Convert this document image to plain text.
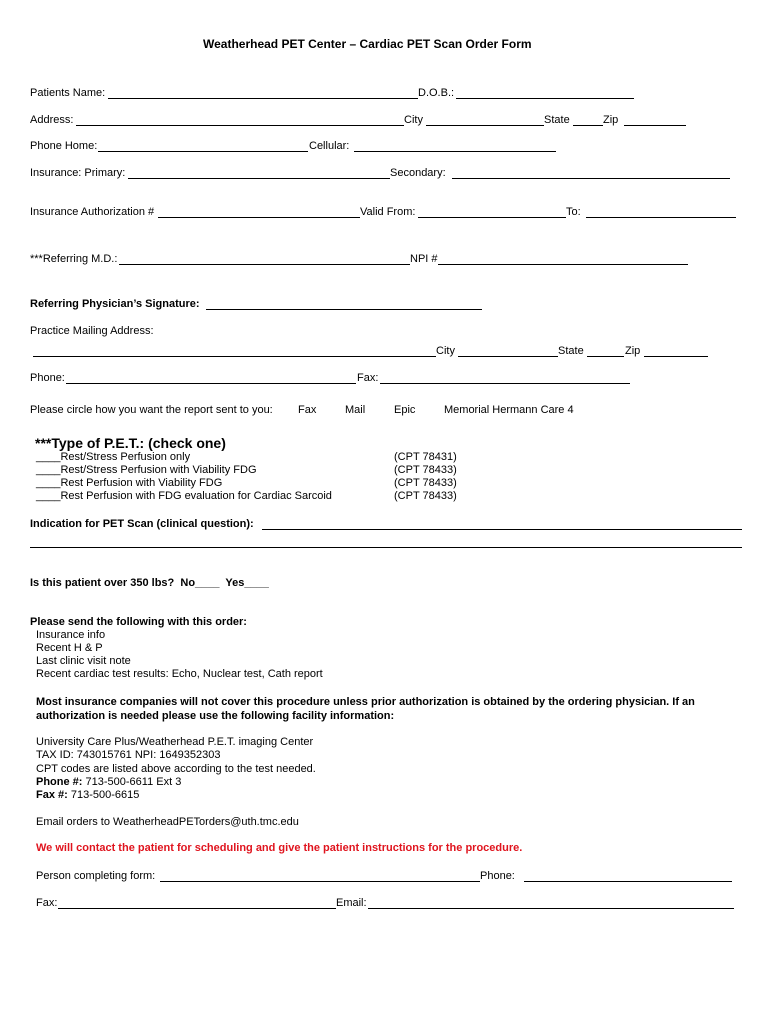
Weatherhead PET Center – Cardiac PET Scan Order Form
Patients Name:	D.O.B.:
Address:	City	State	Zip
Phone Home:	Cellular:
Insurance: Primary:	Secondary:
Insurance Authorization #	Valid From:	To:
***Referring M.D.:	NPI #
Referring Physician’s Signature:
Practice Mailing Address:
City	State	Zip
Phone:	Fax:
Please circle how you want the report sent to you: Fax	Mail	Epic	Memorial Hermann Care 4
***Type of P.E.T.: (check one)
____Rest/Stress Perfusion only	(CPT 78431)
____Rest/Stress Perfusion with Viability FDG	(CPT 78433)
____Rest Perfusion with Viability FDG	(CPT 78433)
____Rest Perfusion with FDG evaluation for Cardiac Sarcoid	(CPT 78433)
Indication for PET Scan (clinical question):
Is this patient over 350 lbs?  No____  Yes____
Please send the following with this order:
Insurance info
Recent H & P
Last clinic visit note
Recent cardiac test results: Echo, Nuclear test, Cath report
Most insurance companies will not cover this procedure unless prior authorization is obtained by the ordering physician. If an
authorization is needed please use the following facility information:
University Care Plus/Weatherhead P.E.T. imaging Center
TAX ID: 743015761 NPI: 1649352303
CPT codes are listed above according to the test needed.
Phone #: 713-500-6611 Ext 3
Fax #: 713-500-6615
Email orders to WeatherheadPETorders@uth.tmc.edu
We will contact the patient for scheduling and give the patient instructions for the procedure.
Person completing form:	Phone:
Fax:	Email:
